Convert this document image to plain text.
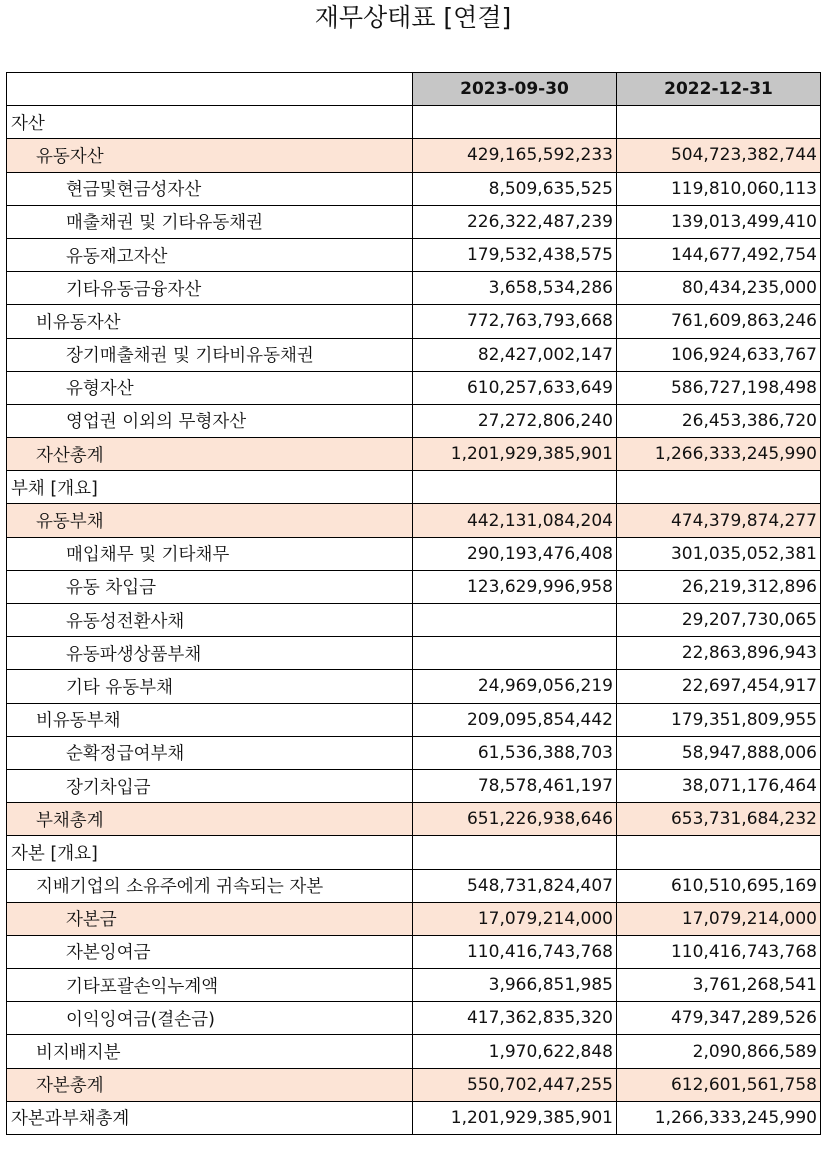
재무상태표 [연결]
	2023-09-30	2022-12-31
자산		
유동자산	429,165,592,233	504,723,382,744
현금및현금성자산	8,509,635,525	119,810,060,113
매출채권 및 기타유동채권	226,322,487,239	139,013,499,410
유동재고자산	179,532,438,575	144,677,492,754
기타유동금융자산	3,658,534,286	80,434,235,000
비유동자산	772,763,793,668	761,609,863,246
장기매출채권 및 기타비유동채권	82,427,002,147	106,924,633,767
유형자산	610,257,633,649	586,727,198,498
영업권 이외의 무형자산	27,272,806,240	26,453,386,720
자산총계	1,201,929,385,901	1,266,333,245,990
부채 [개요]		
유동부채	442,131,084,204	474,379,874,277
매입채무 및 기타채무	290,193,476,408	301,035,052,381
유동 차입금	123,629,996,958	26,219,312,896
유동성전환사채		29,207,730,065
유동파생상품부채		22,863,896,943
기타 유동부채	24,969,056,219	22,697,454,917
비유동부채	209,095,854,442	179,351,809,955
순확정급여부채	61,536,388,703	58,947,888,006
장기차입금	78,578,461,197	38,071,176,464
부채총계	651,226,938,646	653,731,684,232
자본 [개요]		
지배기업의 소유주에게 귀속되는 자본	548,731,824,407	610,510,695,169
자본금	17,079,214,000	17,079,214,000
자본잉여금	110,416,743,768	110,416,743,768
기타포괄손익누계액	3,966,851,985	3,761,268,541
이익잉여금(결손금)	417,362,835,320	479,347,289,526
비지배지분	1,970,622,848	2,090,866,589
자본총계	550,702,447,255	612,601,561,758
자본과부채총계	1,201,929,385,901	1,266,333,245,990
